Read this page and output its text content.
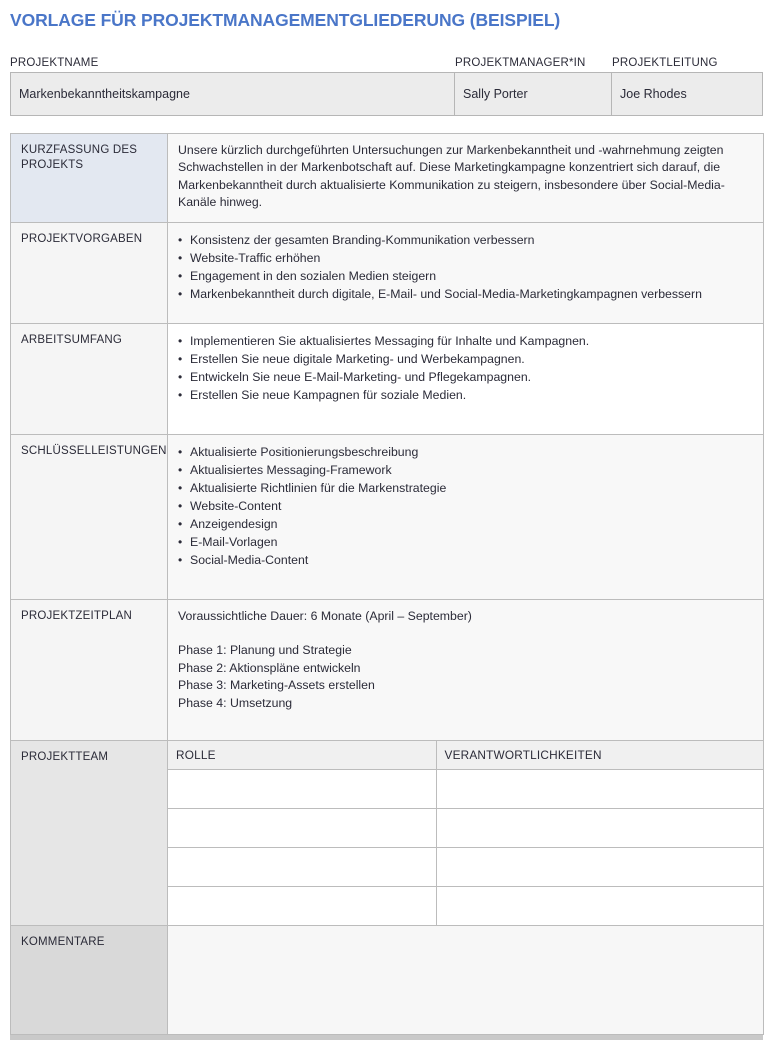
VORLAGE FÜR PROJEKTMANAGEMENTGLIEDERUNG (BEISPIEL)
PROJEKTNAME	PROJEKTMANAGER*IN	PROJEKTLEITUNG
Markenbekanntheitskampagne	Sally Porter	Joe Rhodes
KURZFASSUNG DES PROJEKTS	

Unsere kürzlich durchgeführten Untersuchungen zur Markenbekanntheit und -wahrnehmung zeigten Schwachstellen in der Markenbotschaft auf. Diese Marketingkampagne konzentriert sich darauf, die Markenbekanntheit durch aktualisierte Kommunikation zu steigern, insbesondere über Social-Media-Kanäle hinweg.

PROJEKTVORGABEN	
•Konsistenz der gesamten Branding-Kommunikation verbessern
• Website-Traffic erhöhen
• Engagement in den sozialen Medien steigern
• Markenbekanntheit durch digitale, E-Mail- und Social-Media-Marketingkampagnen verbessern

ARBEITSUMFANG	
•Implementieren Sie aktualisiertes Messaging für Inhalte und Kampagnen.
• Erstellen Sie neue digitale Marketing- und Werbekampagnen.
• Entwickeln Sie neue E-Mail-Marketing- und Pflegekampagnen.
• Erstellen Sie neue Kampagnen für soziale Medien.

SCHLÜSSELLEISTUNGEN	
•Aktualisierte Positionierungsbeschreibung
• Aktualisiertes Messaging-Framework
• Aktualisierte Richtlinien für die Markenstrategie
• Website-Content
• Anzeigendesign
• E-Mail-Vorlagen
• Social-Media-Content

PROJEKTZEITPLAN	Voraussichtliche Dauer: 6 Monate (April – September)

Phase 1: Planung und Strategie

Phase 2: Aktionspläne entwickeln

Phase 3: Marketing-Assets erstellen

Phase 4: Umsetzung

PROJEKTTEAM		ROLLE	VERANTWORTLICHKEITEN

KOMMENTARE	
